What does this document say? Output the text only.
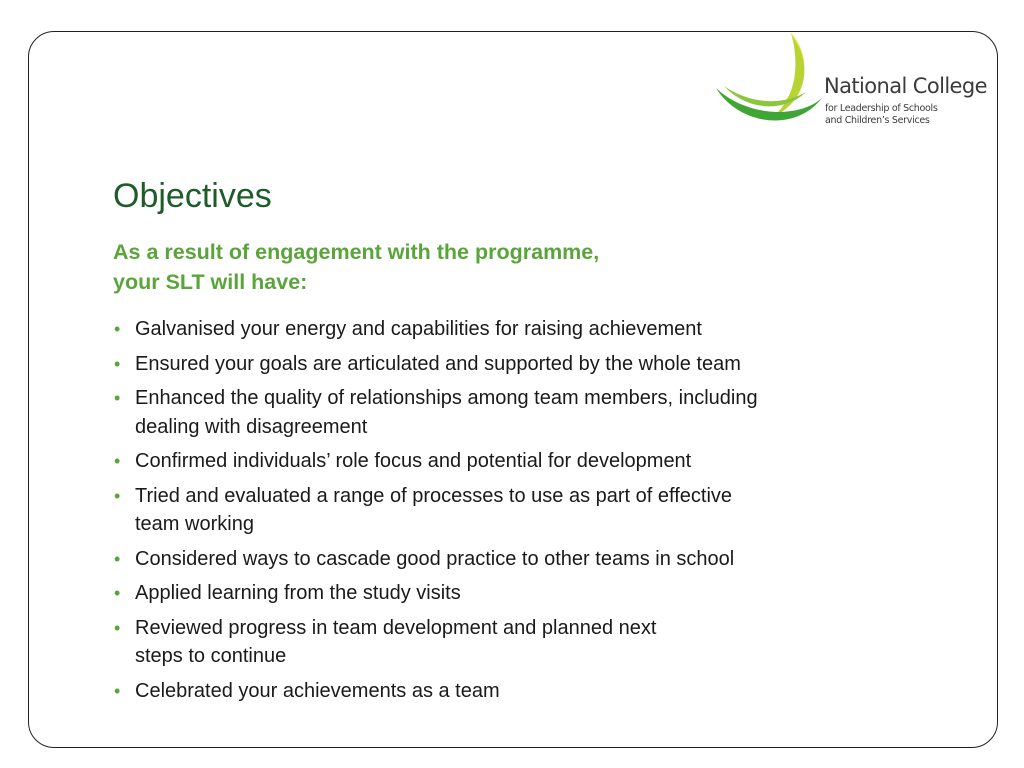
National College
for Leadership of Schools
and Children’s Services
Objectives
As a result of engagement with the programme,
your SLT will have:
• Galvanised your energy and capabilities for raising achievement
• Ensured your goals are articulated and supported by the whole team
• Enhanced the quality of relationships among team members, including
dealing with disagreement
• Confirmed individuals’ role focus and potential for development
• Tried and evaluated a range of processes to use as part of effective
team working
• Considered ways to cascade good practice to other teams in school
• Applied learning from the study visits
• Reviewed progress in team development and planned next
steps to continue
• Celebrated your achievements as a team
